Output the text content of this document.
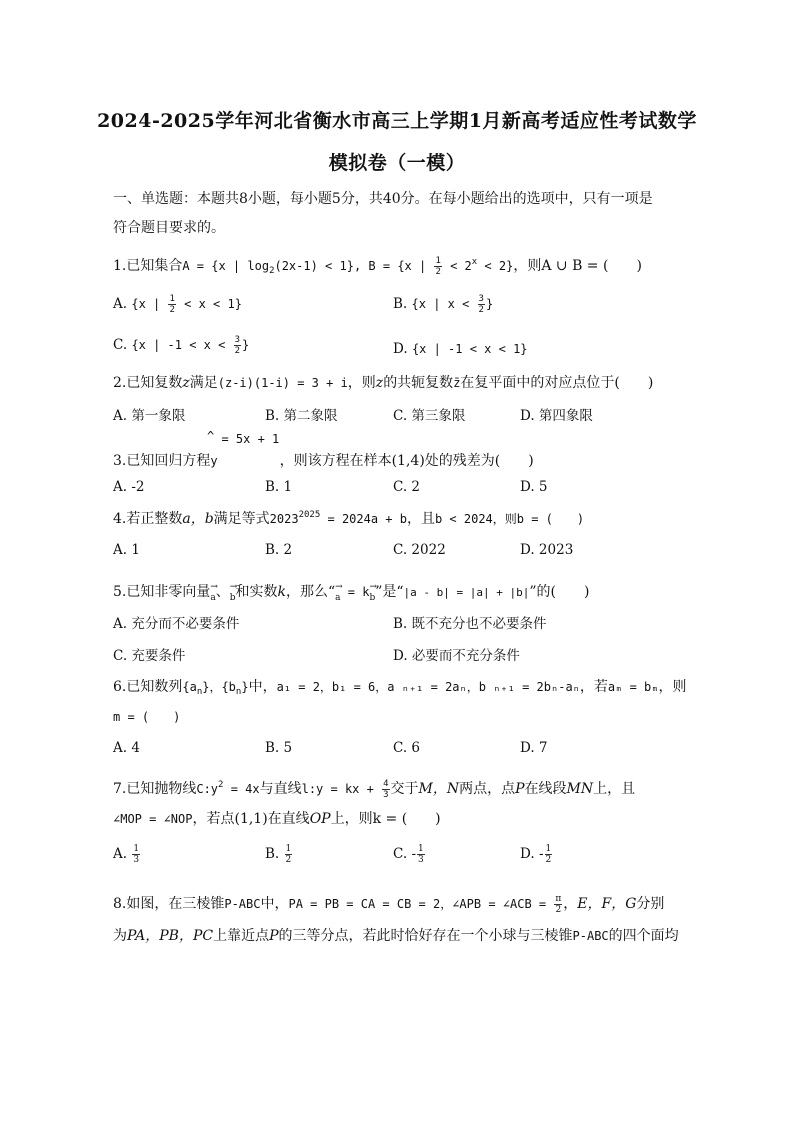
2024-2025学年河北省衡水市高三上学期1月新高考适应性考试数学
模拟卷（一模）
一、单选题：本题共8小题，每小题5分，共40分。在每小题给出的选项中，只有一项是
符合题目要求的。
1.已知集合A = {x | $\log_2(2x-1) < 1$}, B = {x | $\frac{1}{2} < 2^x < 2$}，则A ∪ B = (　　)
A. {x | $\frac{1}{2} < x < 1$}	B. {x | $x < \frac{3}{2}$ }
C. {x | $-1 < x < \frac{3}{2}$ }	D. {x | -1 < x < 1}
2.已知复数z满足(z-i)(1-i) = 3 + i，则z的共轭复数z̄在复平面中的对应点位于(　　)
A. 第一象限	B. 第二象限	C. 第三象限	D. 第四象限
^ = 5x + 1
3.已知回归方程y	，则该方程在样本(1,4)处的残差为(　　)
A. -2	B. 1	C. 2	D. 5
4.若正整数a，b满足等式$2023^{2025} = 2024a + b$，且b < 2024，则b = (　　)
A. 1	B. 2	C. 2022	D. 2023
5.已知非零向量→ a、→ b和实数k，那么“→ a = k→ b”是“|a - b| = |a| + |b|”的(　　)
A. 充分而不必要条件	B. 既不充分也不必要条件
C. 充要条件	D. 必要而不充分条件
6.已知数列$\{a_n\}$，$\{b_n\}$中，a₁ = 2，b₁ = 6，a ₙ₊₁ = 2aₙ，b ₙ₊₁ = 2bₙ-aₙ，若aₘ = bₘ，则
m = (　　)
A. 4	B. 5	C. 6	D. 7
7.已知抛物线$C:y^2 = 4x$与直线l:y = kx + $\frac{4}{3}$ 交于M，N两点，点P在线段MN上，且
∠MOP = ∠NOP，若点(1,1)在直线OP上，则k = (　　)
A. $\frac{1}{3}$	B. $\frac{1}{2}$	C. - $\frac{1}{3}$	D. - $\frac{1}{2}$
8.如图，在三棱锥P-ABC中，PA = PB = CA = CB = 2，∠APB = ∠ACB = $\frac{\pi}{2}$ ，E，F，G分别
为PA，PB，PC上靠近点P的三等分点，若此时恰好存在一个小球与三棱锥P-ABC的四个面均
